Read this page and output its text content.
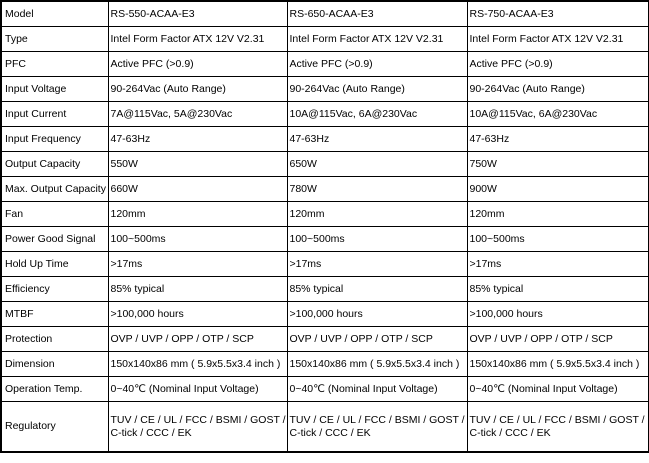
Model	RS-550-ACAA-E3	RS-650-ACAA-E3	RS-750-ACAA-E3
Type	Intel Form Factor ATX 12V V2.31	Intel Form Factor ATX 12V V2.31	Intel Form Factor ATX 12V V2.31
PFC	Active PFC (>0.9)	Active PFC (>0.9)	Active PFC (>0.9)
Input Voltage	90-264Vac (Auto Range)	90-264Vac (Auto Range)	90-264Vac (Auto Range)
Input Current	7A@115Vac, 5A@230Vac	10A@115Vac, 6A@230Vac	10A@115Vac, 6A@230Vac
Input Frequency	47-63Hz	47-63Hz	47-63Hz
Output Capacity	550W	650W	750W
Max. Output Capacity	660W	780W	900W
Fan	120mm	120mm	120mm
Power Good Signal	100~500ms	100~500ms	100~500ms
Hold Up Time	>17ms	>17ms	>17ms
Efficiency	85% typical	85% typical	85% typical
MTBF	>100,000 hours	>100,000 hours	>100,000 hours
Protection	OVP / UVP / OPP / OTP / SCP	OVP / UVP / OPP / OTP / SCP	OVP / UVP / OPP / OTP / SCP
Dimension	150x140x86 mm ( 5.9x5.5x3.4 inch )	150x140x86 mm ( 5.9x5.5x3.4 inch )	150x140x86 mm ( 5.9x5.5x3.4 inch )
Operation Temp.	0~40℃ (Nominal Input Voltage)	0~40℃ (Nominal Input Voltage)	0~40℃ (Nominal Input Voltage)
Regulatory	TUV / CE / UL / FCC / BSMI / GOST /
C-tick / CCC / EK	TUV / CE / UL / FCC / BSMI / GOST /
C-tick / CCC / EK	TUV / CE / UL / FCC / BSMI / GOST /
C-tick / CCC / EK
